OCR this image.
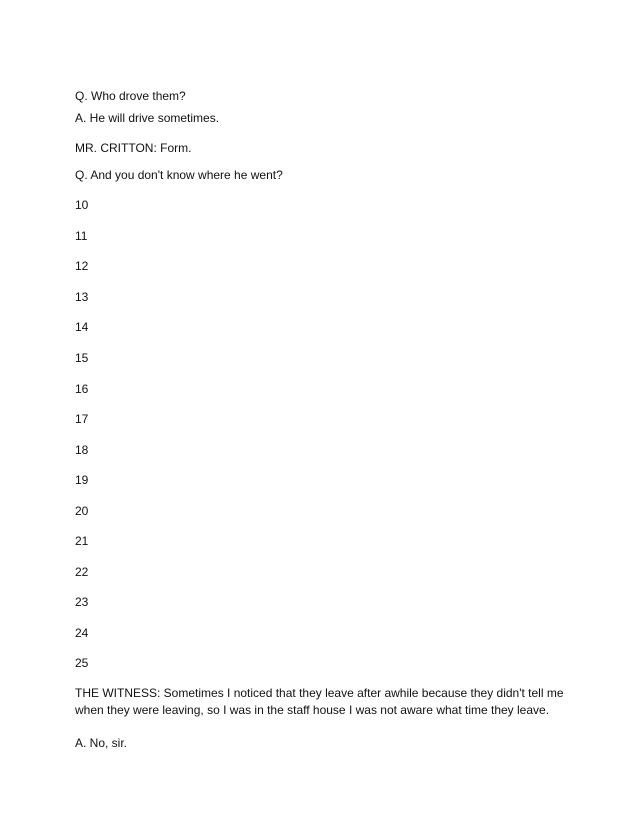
Q. Who drove them?

A. He will drive sometimes.

MR. CRITTON: Form.

Q. And you don't know where he went?

10

11

12

13

14

15

16

17

18

19

20

21

22

23

24

25

THE WITNESS: Sometimes I noticed that they leave after awhile because they didn't tell me

when they were leaving, so I was in the staff house I was not aware what time they leave.

A. No, sir.
